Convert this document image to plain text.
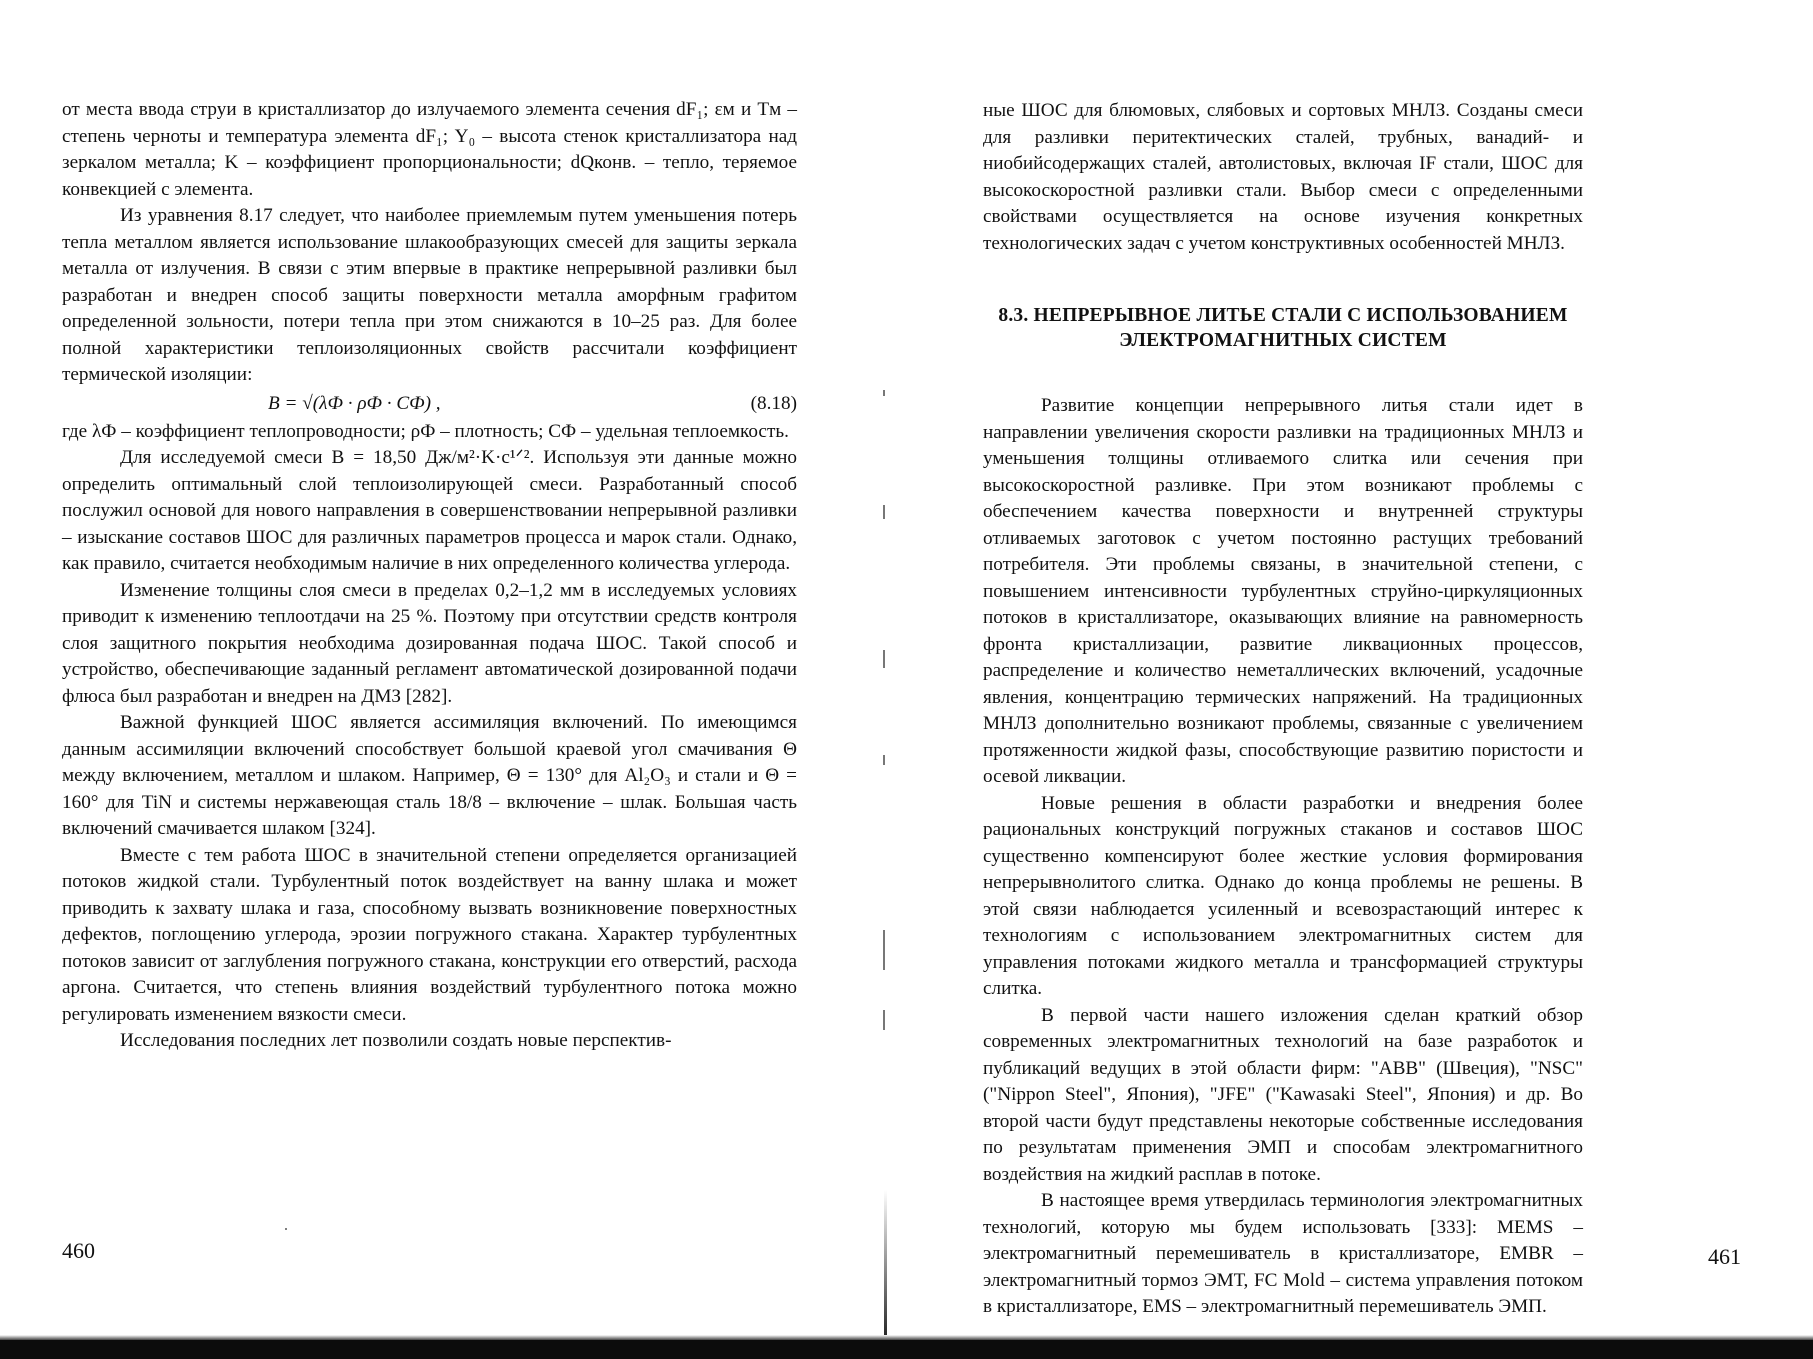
от места ввода струи в кристаллизатор до излучаемого элемента сечения dF₁; εм и Tм – степень черноты и температура элемента dF₁; Y₀ – высота стенок кристаллизатора над зеркалом металла; K – коэффициент пропорциональности; dQконв. – тепло, теряемое конвекцией с элемента.

Из уравнения 8.17 следует, что наиболее приемлемым путем уменьшения потерь тепла металлом является использование шлакообразующих смесей для защиты зеркала металла от излучения. В связи с этим впервые в практике непрерывной разливки был разработан и внедрен способ защиты поверхности металла аморфным графитом определенной зольности, потери тепла при этом снижаются в 10–25 раз. Для более полной характеристики теплоизоляционных свойств рассчитали коэффициент термической изоляции:

B = √(λФ · ρФ · CФ) ,	(8.18)

где λФ – коэффициент теплопроводности; ρФ – плотность; CФ – удельная теплоемкость.

Для исследуемой смеси B = 18,50 Дж/м²·K·с¹ᐟ². Используя эти данные можно определить оптимальный слой теплоизолирующей смеси. Разработанный способ послужил основой для нового направления в совершенствовании непрерывной разливки – изыскание составов ШОС для различных параметров процесса и марок стали. Однако, как правило, считается необходимым наличие в них определенного количества углерода.

Изменение толщины слоя смеси в пределах 0,2–1,2 мм в исследуемых условиях приводит к изменению теплоотдачи на 25 %. Поэтому при отсутствии средств контроля слоя защитного покрытия необходима дозированная подача ШОС. Такой способ и устройство, обеспечивающие заданный регламент автоматической дозированной подачи флюса был разработан и внедрен на ДМЗ [282].

Важной функцией ШОС является ассимиляция включений. По имеющимся данным ассимиляции включений способствует большой краевой угол смачивания Θ между включением, металлом и шлаком. Например, Θ = 130° для Al₂O₃ и стали и Θ = 160° для TiN и системы нержавеющая сталь 18/8 – включение – шлак. Большая часть включений смачивается шлаком [324].

Вместе с тем работа ШОС в значительной степени определяется организацией потоков жидкой стали. Турбулентный поток воздействует на ванну шлака и может приводить к захвату шлака и газа, способному вызвать возникновение поверхностных дефектов, поглощению углерода, эрозии погружного стакана. Характер турбулентных потоков зависит от заглубления погружного стакана, конструкции его отверстий, расхода аргона. Считается, что степень влияния воздействий турбулентного потока можно регулировать изменением вязкости смеси.

Исследования последних лет позволили создать новые перспектив-

460

ные ШОС для блюмовых, слябовых и сортовых МНЛЗ. Созданы смеси для разливки перитектических сталей, трубных, ванадий- и ниобийсодержащих сталей, автолистовых, включая IF стали, ШОС для высокоскоростной разливки стали. Выбор смеси с определенными свойствами осуществляется на основе изучения конкретных технологических задач с учетом конструктивных особенностей МНЛЗ.

8.3. НЕПРЕРЫВНОЕ ЛИТЬЕ СТАЛИ С ИСПОЛЬЗОВАНИЕМ
ЭЛЕКТРОМАГНИТНЫХ СИСТЕМ

Развитие концепции непрерывного литья стали идет в направлении увеличения скорости разливки на традиционных МНЛЗ и уменьшения толщины отливаемого слитка или сечения при высокоскоростной разливке. При этом возникают проблемы с обеспечением качества поверхности и внутренней структуры отливаемых заготовок с учетом постоянно растущих требований потребителя. Эти проблемы связаны, в значительной степени, с повышением интенсивности турбулентных струйно-циркуляционных потоков в кристаллизаторе, оказывающих влияние на равномерность фронта кристаллизации, развитие ликвационных процессов, распределение и количество неметаллических включений, усадочные явления, концентрацию термических напряжений. На традиционных МНЛЗ дополнительно возникают проблемы, связанные с увеличением протяженности жидкой фазы, способствующие развитию пористости и осевой ликвации.

Новые решения в области разработки и внедрения более рациональных конструкций погружных стаканов и составов ШОС существенно компенсируют более жесткие условия формирования непрерывнолитого слитка. Однако до конца проблемы не решены. В этой связи наблюдается усиленный и всевозрастающий интерес к технологиям с использованием электромагнитных систем для управления потоками жидкого металла и трансформацией структуры слитка.

В первой части нашего изложения сделан краткий обзор современных электромагнитных технологий на базе разработок и публикаций ведущих в этой области фирм: "ABB" (Швеция), "NSC" ("Nippon Steel", Япония), "JFE" ("Kawasaki Steel", Япония) и др. Во второй части будут представлены некоторые собственные исследования по результатам применения ЭМП и способам электромагнитного воздействия на жидкий расплав в потоке.

В настоящее время утвердилась терминология электромагнитных технологий, которую мы будем использовать [333]: MEMS – электромагнитный перемешиватель в кристаллизаторе, EMBR – электромагнитный тормоз ЭМТ, FC Mold – система управления потоком в кристаллизаторе, EMS – электромагнитный перемешиватель ЭМП.

461
